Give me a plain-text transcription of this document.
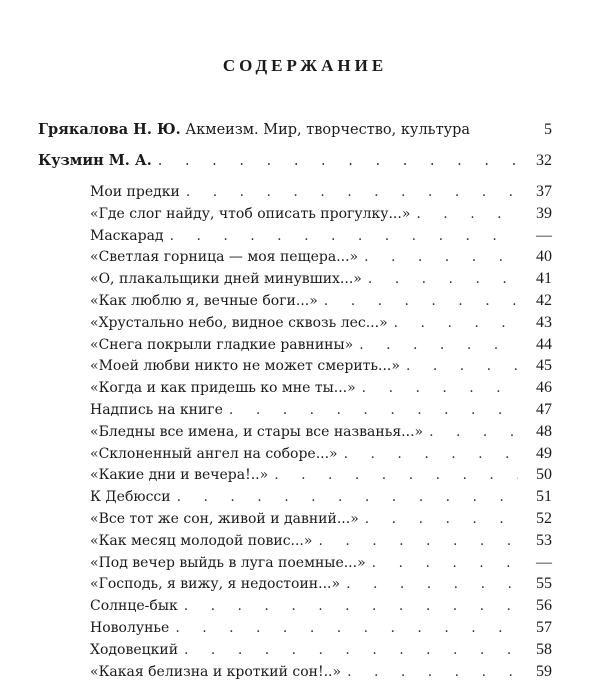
СОДЕРЖАНИЕ
Грякалова Н. Ю. Акмеизм. Мир, творчество, культура	5
Кузмин М. А. . . .	32
Мои предки . . .	37
«Где слог найду, чтоб описать прогулку...» . . .	39
Маскарад . . .	—
«Светлая горница — моя пещера...» . . .	40
«О, плакальщики дней минувших...» . . .	41
«Как люблю я, вечные боги...» . . .	42
«Хрустально небо, видное сквозь лес...» . . .	43
«Снега покрыли гладкие равнины» . . .	44
«Моей любви никто не может смерить...» . . .	45
«Когда и как придешь ко мне ты...» . . .	46
Надпись на книге . . .	47
«Бледны все имена, и стары все названья...» . . .	48
«Склоненный ангел на соборе...» . . .	49
«Какие дни и вечера!..» . . .	50
К Дебюсси . . .	51
«Все тот же сон, живой и давний...» . . .	52
«Как месяц молодой повис...» . . .	53
«Под вечер выйдь в луга поемные...» . . .	—
«Господь, я вижу, я недостоин...» . . .	55
Солнце-бык . . .	56
Новолунье . . .	57
Ходовецкий . . .	58
«Какая белизна и кроткий сон!..» . . .	59
